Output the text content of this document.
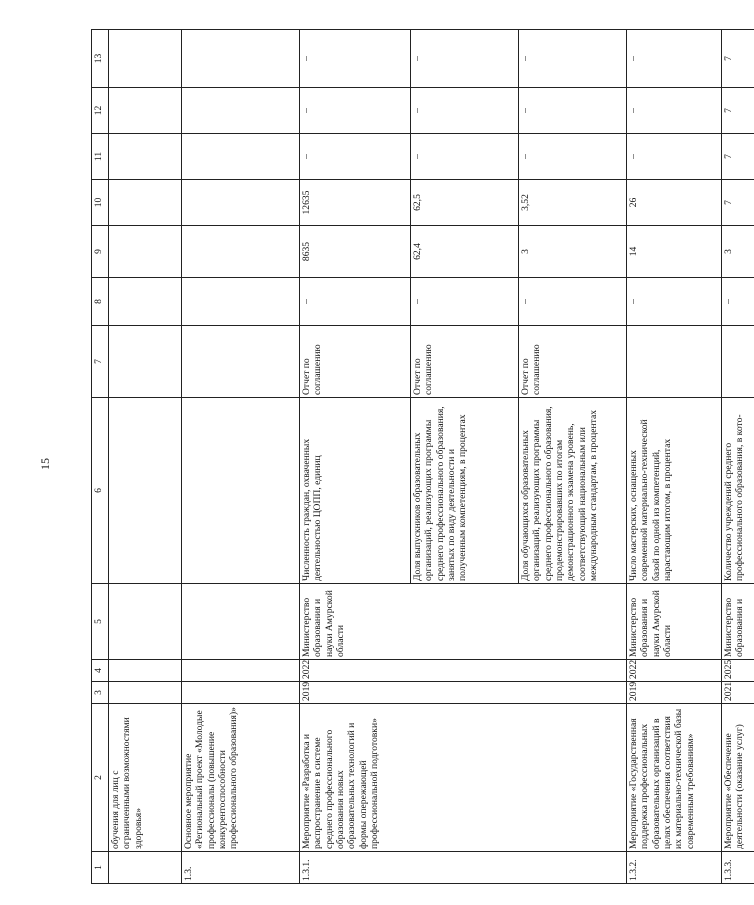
15
1	2	3	4	5	6	7	8	9	10	11	12	13
	обучения для лиц с ограниченными возможностями здоровья»											
1.3.	Основное мероприятие «Региональный проект «Молодые профессионалы (повышение конкурентоспособности профессионального образования)»											
1.3.1.	Мероприятие «Разработка и распространение в системе среднего профессионального образования новых образовательных технологий и формы опережающей профессиональной подготовки»	2019	2022	Министерство образования и науки Амурской области	Численность граждан, охваченных деятельностью ЦОПП, единиц	Отчет по соглашению	–	8635	12635	–	–	–
					Доля выпускников образовательных организаций, реализующих программы среднего профессионального образования, занятых по виду деятельности и полученным компетенциям, в процентах	Отчет по соглашению	–	62,4	62,5	–	–	–
					Доля обучающихся образовательных организаций, реализующих программы среднего профессионального образования, продемонстрировавших по итогам демонстрационного экзамена уровень, соответствующий национальным или международным стандартам, в процентах	Отчет по соглашению	–	3	3,52	–	–	–
1.3.2.	Мероприятие «Государственная поддержка профессиональных образовательных организаций в целях обеспечения соответствия их материально-технической базы современным требованиям»	2019	2022	Министерство образования и науки Амурской области	Число мастерских, оснащенных современной материально-технической базой по одной из компетенций, нарастающим итогом, в процентах		–	14	26	–	–	–
1.3.3.	Мероприятие «Обеспечение деятельности (оказание услуг)	2021	2025	Министерство образования и	Количество учреждений среднего профессионального образования, в кото-		–	3	7	7	7	7
